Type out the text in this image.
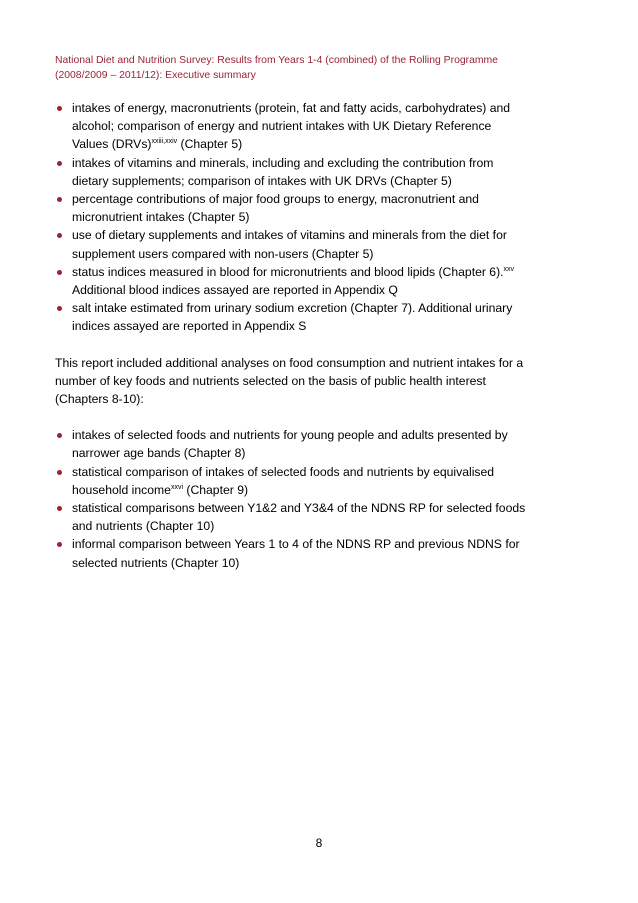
National Diet and Nutrition Survey: Results from Years 1-4 (combined) of the Rolling Programme
(2008/2009 – 2011/12): Executive summary
intakes of energy, macronutrients (protein, fat and fatty acids, carbohydrates) and
alcohol; comparison of energy and nutrient intakes with UK Dietary Reference
Values (DRVs)$^{xxiii,xxiv}$ (Chapter 5)
intakes of vitamins and minerals, including and excluding the contribution from
dietary supplements; comparison of intakes with UK DRVs (Chapter 5)
percentage contributions of major food groups to energy, macronutrient and
micronutrient intakes (Chapter 5)
use of dietary supplements and intakes of vitamins and minerals from the diet for
supplement users compared with non-users (Chapter 5)
status indices measured in blood for micronutrients and blood lipids (Chapter 6).$^{xxv}$
Additional blood indices assayed are reported in Appendix Q
salt intake estimated from urinary sodium excretion (Chapter 7). Additional urinary
indices assayed are reported in Appendix S

This report included additional analyses on food consumption and nutrient intakes for a
number of key foods and nutrients selected on the basis of public health interest
(Chapters 8-10):

intakes of selected foods and nutrients for young people and adults presented by
narrower age bands (Chapter 8)
statistical comparison of intakes of selected foods and nutrients by equivalised
household income$^{xxvi}$ (Chapter 9)
statistical comparisons between Y1&2 and Y3&4 of the NDNS RP for selected foods
and nutrients (Chapter 10)
informal comparison between Years 1 to 4 of the NDNS RP and previous NDNS for
selected nutrients (Chapter 10)
8
